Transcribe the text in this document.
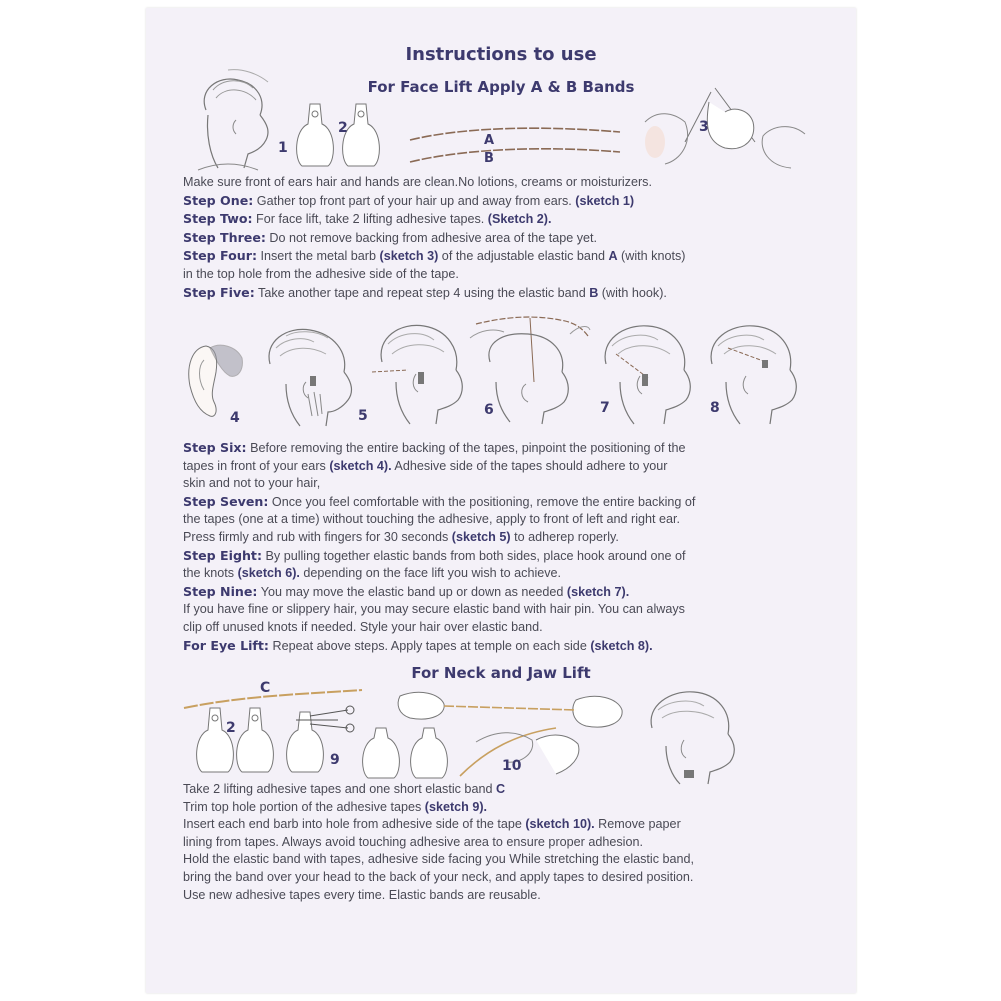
Instructions to use
For Face Lift Apply A & B Bands
1
2
A
B
3
Make sure front of ears hair and hands are clean.No lotions, creams or moisturizers.
Step One: Gather top front part of your hair up and away from ears. (sketch 1)
Step Two: For face lift, take 2 lifting adhesive tapes. (Sketch 2).
Step Three: Do not remove backing from adhesive area of the tape yet.
Step Four: Insert the metal barb (sketch 3) of the adjustable elastic band A (with knots)
in the top hole from the adhesive side of the tape.
Step Five: Take another tape and repeat step 4 using the elastic band B (with hook).
4	5	6	7	8
Step Six: Before removing the entire backing of the tapes, pinpoint the positioning of the
tapes in front of your ears (sketch 4). Adhesive side of the tapes should adhere to your
skin and not to your hair,
Step Seven: Once you feel comfortable with the positioning, remove the entire backing of
the tapes (one at a time) without touching the adhesive, apply to front of left and right ear.
Press firmly and rub with fingers for 30 seconds (sketch 5) to adherep roperly.
Step Eight: By pulling together elastic bands from both sides, place hook around one of
the knots (sketch 6). depending on the face lift you wish to achieve.
Step Nine: You may move the elastic band up or down as needed (sketch 7).
If you have fine or slippery hair, you may secure elastic band with hair pin. You can always
clip off unused knots if needed. Style your hair over elastic band.
For Eye Lift: Repeat above steps. Apply tapes at temple on each side (sketch 8).
For Neck and Jaw Lift
C
2
9	10
Take 2 lifting adhesive tapes and one short elastic band C
Trim top hole portion of the adhesive tapes (sketch 9).
Insert each end barb into hole from adhesive side of the tape (sketch 10). Remove paper
lining from tapes. Always avoid touching adhesive area to ensure proper adhesion.
Hold the elastic band with tapes, adhesive side facing you While stretching the elastic band,
bring the band over your head to the back of your neck, and apply tapes to desired position.
Use new adhesive tapes every time. Elastic bands are reusable.
